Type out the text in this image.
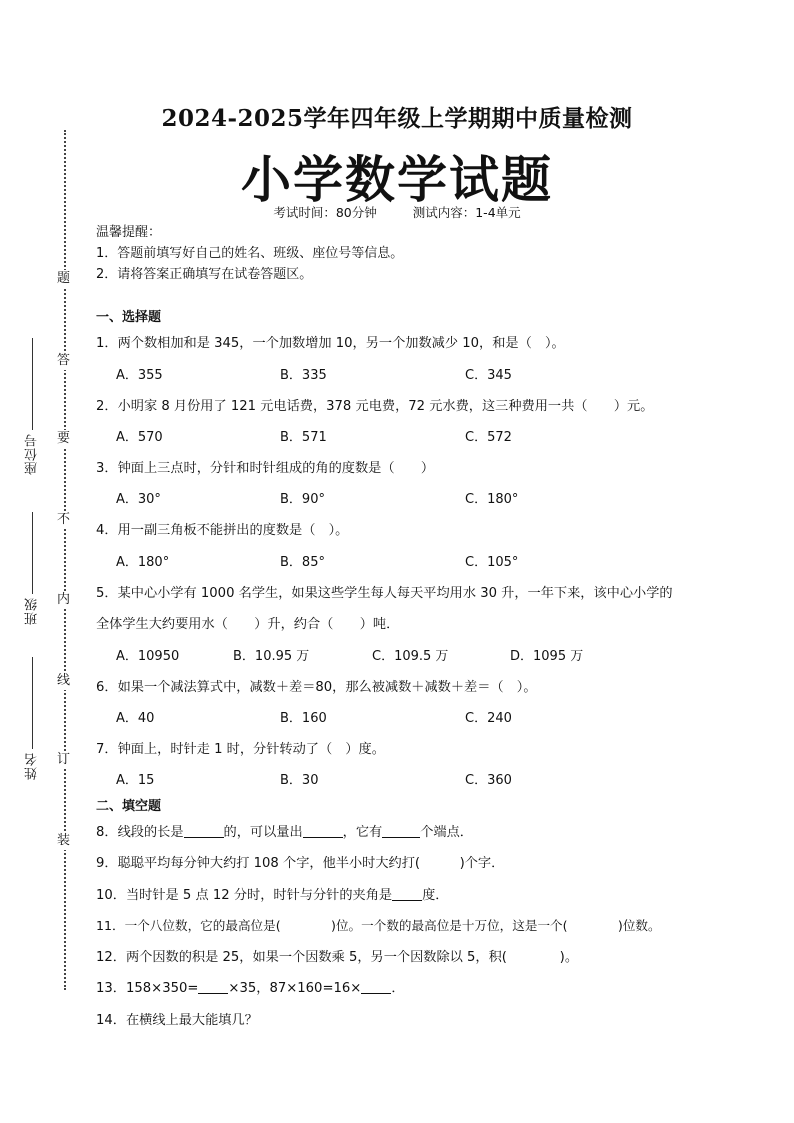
题
答
要
不
内
线
订
装
座位号
班级
姓名
2024-2025学年四年级上学期期中质量检测
小学数学试题
考试时间：80分钟	测试内容：1-4单元
温馨提醒：
1．答题前填写好自己的姓名、班级、座位号等信息。
2．请将答案正确填写在试卷答题区。
一、选择题
1．两个数相加和是 345，一个加数增加 10，另一个加数减少 10，和是（　）。
A．355	B．335	C．345
2．小明家 8 月份用了 121 元电话费，378 元电费，72 元水费，这三种费用一共（　　）元。
A．570	B．571	C．572
3．钟面上三点时，分针和时针组成的角的度数是（　　）
A．30°	B．90°	C．180°
4．用一副三角板不能拼出的度数是（　）。
A．180°	B．85°	C．105°
5．某中心小学有 1000 名学生，如果这些学生每人每天平均用水 30 升，一年下来，该中心小学的
全体学生大约要用水（　　）升，约合（　　）吨．
A．10950	B．10.95 万	C．109.5 万	D．1095 万
6．如果一个减法算式中，减数＋差＝80，那么被减数＋减数＋差＝（　）。
A．40	B．160	C．240
7．钟面上，时针走 1 时，分针转动了（　）度。
A．15	B．30	C．360
二、填空题
8．线段的长是	的，可以量出	，它有	个端点．
9．聪聪平均每分钟大约打 108 个字，他半小时大约打(　　　)个字．
10．当时针是 5 点 12 分时，时针与分针的夹角是 度．
11．一个八位数，它的最高位是(　　　　)位。一个数的最高位是十万位，这是一个(　　　　)位数。
12．两个因数的积是 25，如果一个因数乘 5，另一个因数除以 5，积(　　　　)。
13．158×350= ×35，87×160=16× ．
14．在横线上最大能填几？
